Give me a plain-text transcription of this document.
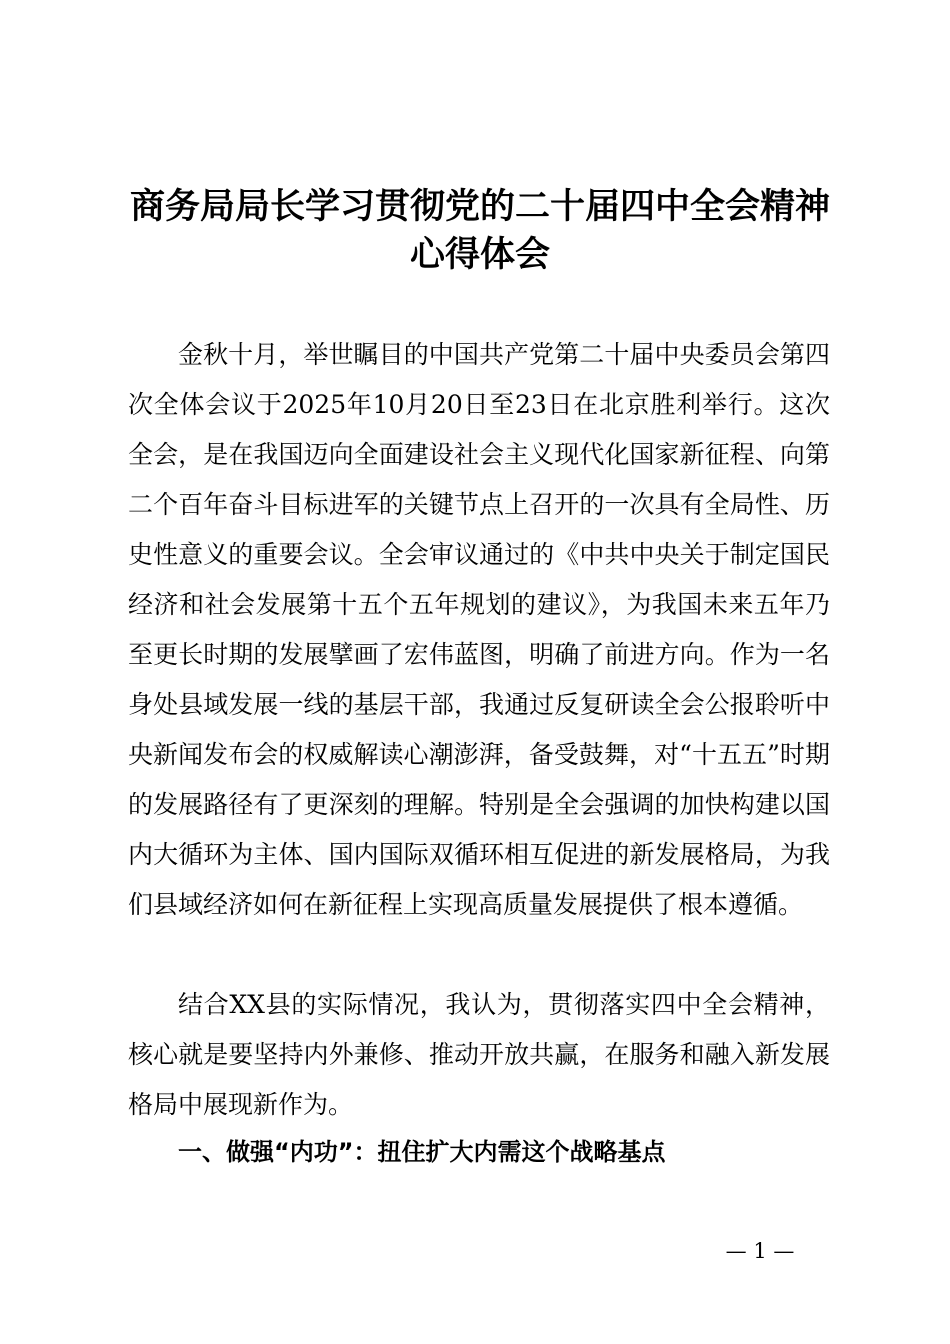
商务局局长学习贯彻党的二十届四中全会精神
心得体会

金秋十月，举世瞩目的中国共产党第二十届中央委员会第四次全体会议于2025年10月20日至23日在北京胜利举行。这次全会，是在我国迈向全面建设社会主义现代化国家新征程、向第二个百年奋斗目标进军的关键节点上召开的一次具有全局性、历史性意义的重要会议。全会审议通过的《中共中央关于制定国民经济和社会发展第十五个五年规划的建议》，为我国未来五年乃至更长时期的发展擘画了宏伟蓝图，明确了前进方向。作为一名身处县域发展一线的基层干部，我通过反复研读全会公报聆听中央新闻发布会的权威解读心潮澎湃，备受鼓舞，对“十五五”时期的发展路径有了更深刻的理解。特别是全会强调的加快构建以国内大循环为主体、国内国际双循环相互促进的新发展格局，为我们县域经济如何在新征程上实现高质量发展提供了根本遵循。

结合XX县的实际情况，我认为，贯彻落实四中全会精神，核心就是要坚持内外兼修、推动开放共赢，在服务和融入新发展格局中展现新作为。

一、做强“内功”：扭住扩大内需这个战略基点
— 1 —
